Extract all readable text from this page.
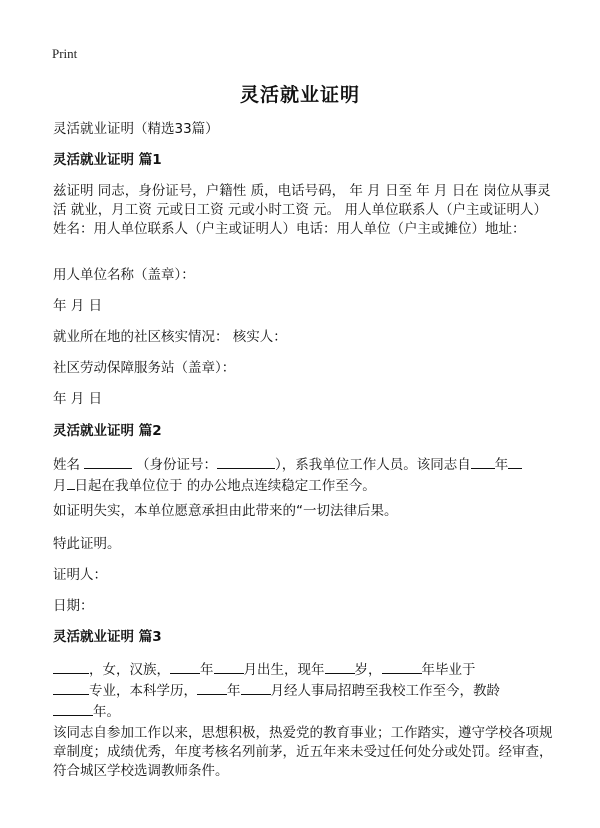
Print
灵活就业证明

灵活就业证明（精选33篇）

灵活就业证明 篇1

兹证明 同志，身份证号，户籍性 质，电话号码， 年 月 日至 年 月 日在 岗位从事灵活 就业，月工资 元或日工资 元或小时工资 元。 用人单位联系人（户主或证明人）姓名：用人单位联系人（户主或证明人）电话：用人单位（户主或摊位）地址：

用人单位名称（盖章）：

年 月 日

就业所在地的社区核实情况： 核实人：

社区劳动保障服务站（盖章）：

年 月 日

灵活就业证明 篇2

姓名	（身份证号：	），系我单位工作人员。该同志自 年
月 日起在我单位位于 的办公地点连续稳定工作至今。

如证明失实，本单位愿意承担由此带来的“一切法律后果。

特此证明。

证明人：

日期：

灵活就业证明 篇3

，女，汉族， 年 月出生，现年 岁，	年毕业于
专业，本科学历， 年 月经人事局招聘至我校工作至今，教龄
年。

该同志自参加工作以来，思想积极，热爱党的教育事业；工作踏实，遵守学校各项规章制度；成绩优秀，年度考核名列前茅，近五年来未受过任何处分或处罚。经审查，符合城区学校选调教师条件。
